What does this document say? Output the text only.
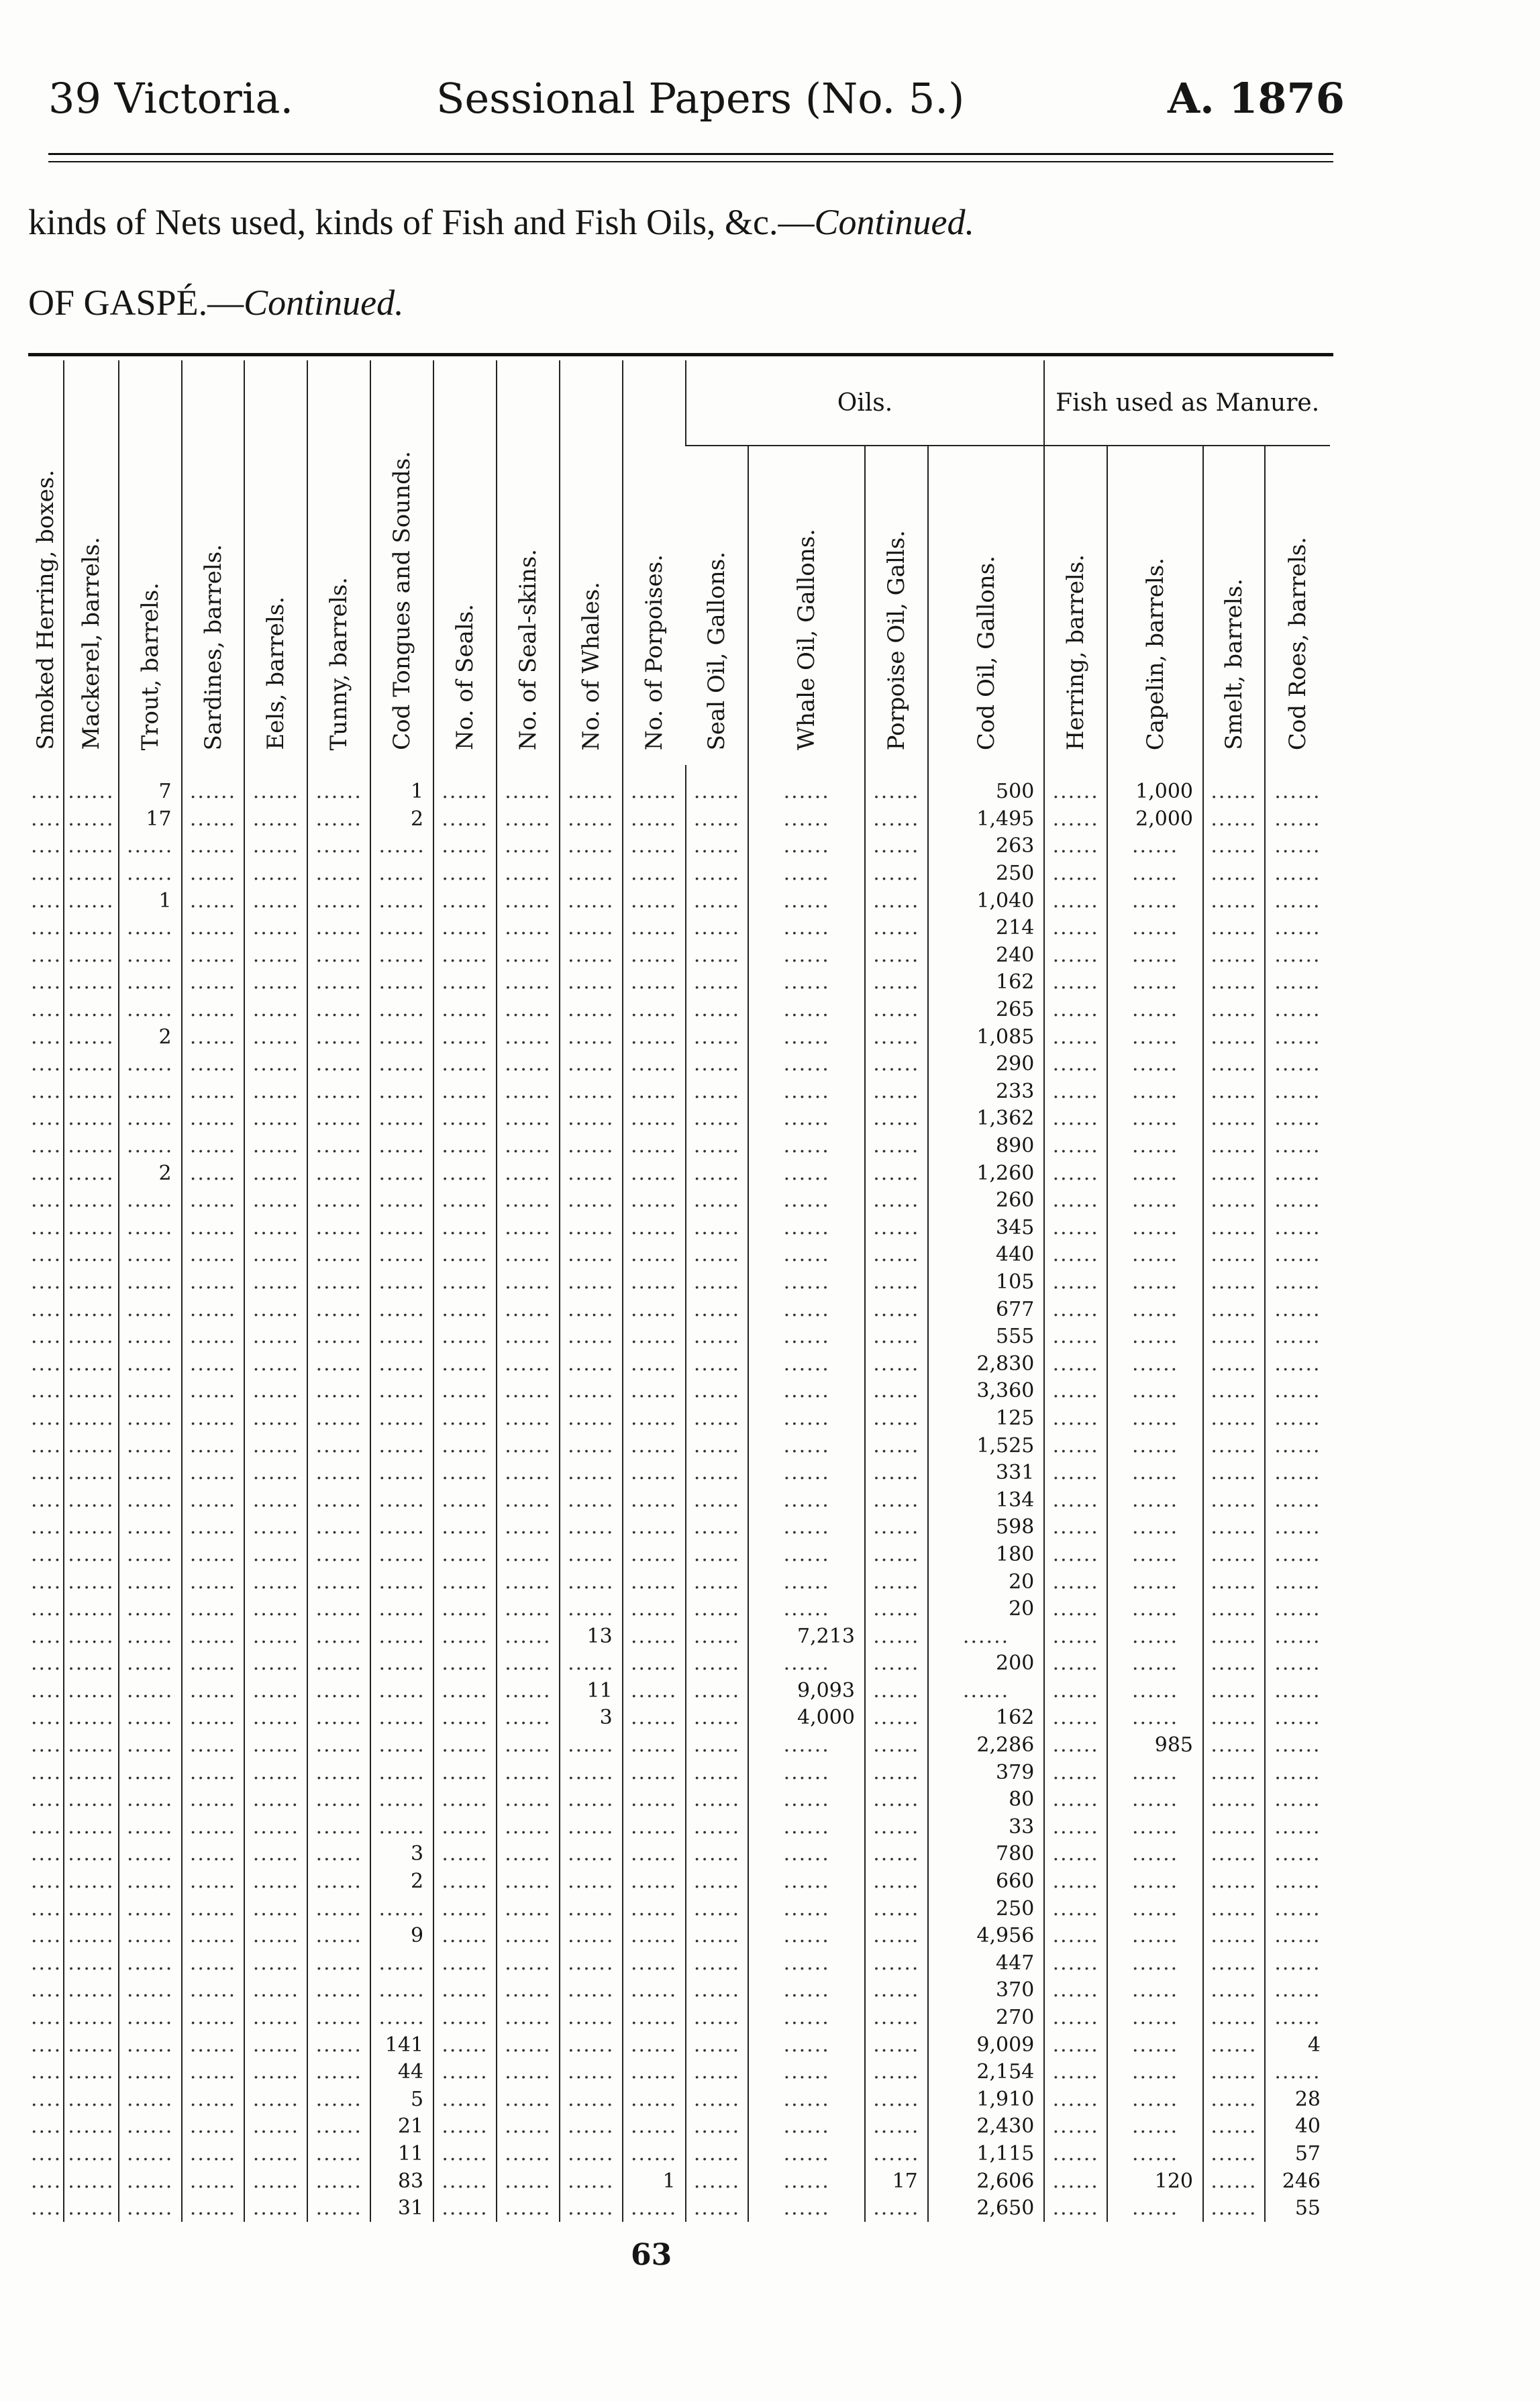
39 Victoria.	Sessional Papers (No. 5.)	A. 1876
kinds of Nets used, kinds of Fish and Fish Oils, &c.—Continued.
OF GASPÉ.—Continued.
Smoked Herring, boxes.	Mackerel, barrels.	Trout, barrels.	Sardines, barrels.	Eels, barrels.	Tunny, barrels.	Cod Tongues and Sounds.	No. of Seals.	No. of Seal-skins.	No. of Whales.	No. of Porpoises.
	Oils.	Fish used as Manure.

Seal Oil, Gallons.	Whale Oil, Gallons.	Porpoise Oil, Galls.	Cod Oil, Gallons.	Herring, barrels.	Capelin, barrels.	Smelt, barrels.	Cod Roes, barrels.

......	......	7	......	......	......	1	......	......	......	......	......	......	......	500	......	1,000	......	......
......	......	17	......	......	......	2	......	......	......	......	......	......	......	1,495	......	2,000	......	......
......	......	......	......	......	......	......	......	......	......	......	......	......	......	263	......	......	......	......
......	......	......	......	......	......	......	......	......	......	......	......	......	......	250	......	......	......	......
......	......	1	......	......	......	......	......	......	......	......	......	......	......	1,040	......	......	......	......
......	......	......	......	......	......	......	......	......	......	......	......	......	......	214	......	......	......	......
......	......	......	......	......	......	......	......	......	......	......	......	......	......	240	......	......	......	......
......	......	......	......	......	......	......	......	......	......	......	......	......	......	162	......	......	......	......
......	......	......	......	......	......	......	......	......	......	......	......	......	......	265	......	......	......	......
......	......	2	......	......	......	......	......	......	......	......	......	......	......	1,085	......	......	......	......
......	......	......	......	......	......	......	......	......	......	......	......	......	......	290	......	......	......	......
......	......	......	......	......	......	......	......	......	......	......	......	......	......	233	......	......	......	......
......	......	......	......	......	......	......	......	......	......	......	......	......	......	1,362	......	......	......	......
......	......	......	......	......	......	......	......	......	......	......	......	......	......	890	......	......	......	......
......	......	2	......	......	......	......	......	......	......	......	......	......	......	1,260	......	......	......	......
......	......	......	......	......	......	......	......	......	......	......	......	......	......	260	......	......	......	......
......	......	......	......	......	......	......	......	......	......	......	......	......	......	345	......	......	......	......
......	......	......	......	......	......	......	......	......	......	......	......	......	......	440	......	......	......	......
......	......	......	......	......	......	......	......	......	......	......	......	......	......	105	......	......	......	......
......	......	......	......	......	......	......	......	......	......	......	......	......	......	677	......	......	......	......
......	......	......	......	......	......	......	......	......	......	......	......	......	......	555	......	......	......	......
......	......	......	......	......	......	......	......	......	......	......	......	......	......	2,830	......	......	......	......
......	......	......	......	......	......	......	......	......	......	......	......	......	......	3,360	......	......	......	......
......	......	......	......	......	......	......	......	......	......	......	......	......	......	125	......	......	......	......
......	......	......	......	......	......	......	......	......	......	......	......	......	......	1,525	......	......	......	......
......	......	......	......	......	......	......	......	......	......	......	......	......	......	331	......	......	......	......
......	......	......	......	......	......	......	......	......	......	......	......	......	......	134	......	......	......	......
......	......	......	......	......	......	......	......	......	......	......	......	......	......	598	......	......	......	......
......	......	......	......	......	......	......	......	......	......	......	......	......	......	180	......	......	......	......
......	......	......	......	......	......	......	......	......	......	......	......	......	......	20	......	......	......	......
......	......	......	......	......	......	......	......	......	......	......	......	......	......	20	......	......	......	......
......	......	......	......	......	......	......	......	......	13	......	......	7,213	......	......	......	......	......	......
......	......	......	......	......	......	......	......	......	......	......	......	......	......	200	......	......	......	......
......	......	......	......	......	......	......	......	......	11	......	......	9,093	......	......	......	......	......	......
......	......	......	......	......	......	......	......	......	3	......	......	4,000	......	162	......	......	......	......
......	......	......	......	......	......	......	......	......	......	......	......	......	......	2,286	......	985	......	......
......	......	......	......	......	......	......	......	......	......	......	......	......	......	379	......	......	......	......
......	......	......	......	......	......	......	......	......	......	......	......	......	......	80	......	......	......	......
......	......	......	......	......	......	......	......	......	......	......	......	......	......	33	......	......	......	......
......	......	......	......	......	......	3	......	......	......	......	......	......	......	780	......	......	......	......
......	......	......	......	......	......	2	......	......	......	......	......	......	......	660	......	......	......	......
......	......	......	......	......	......	......	......	......	......	......	......	......	......	250	......	......	......	......
......	......	......	......	......	......	9	......	......	......	......	......	......	......	4,956	......	......	......	......
......	......	......	......	......	......	......	......	......	......	......	......	......	......	447	......	......	......	......
......	......	......	......	......	......	......	......	......	......	......	......	......	......	370	......	......	......	......
......	......	......	......	......	......	......	......	......	......	......	......	......	......	270	......	......	......	......
......	......	......	......	......	......	141	......	......	......	......	......	......	......	9,009	......	......	......	4
......	......	......	......	......	......	44	......	......	......	......	......	......	......	2,154	......	......	......	......
......	......	......	......	......	......	5	......	......	......	......	......	......	......	1,910	......	......	......	28
......	......	......	......	......	......	21	......	......	......	......	......	......	......	2,430	......	......	......	40
......	......	......	......	......	......	11	......	......	......	......	......	......	......	1,115	......	......	......	57
......	......	......	......	......	......	83	......	......	......	1	......	......	17	2,606	......	120	......	246
......	......	......	......	......	......	31	......	......	......	......	......	......	......	2,650	......	......	......	55
63
